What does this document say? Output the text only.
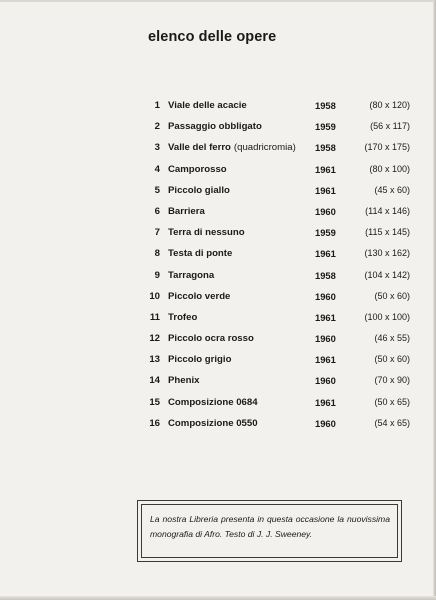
elenco delle opere
1 Viale delle acacie	1958	(80 x 120)
2 Passaggio obbligato	1959	(56 x 117)
3 Valle del ferro (quadricromia) 1958	(170 x 175)
4 Camporosso	1961	(80 x 100)
5 Piccolo giallo	1961	(45 x 60)
6 Barriera	1960	(114 x 146)
7 Terra di nessuno	1959	(115 x 145)
8 Testa di ponte	1961	(130 x 162)
9 Tarragona	1958	(104 x 142)
10 Piccolo verde	1960	(50 x 60)
11 Trofeo	1961	(100 x 100)
12 Piccolo ocra rosso	1960	(46 x 55)
13 Piccolo grigio	1961	(50 x 60)
14 Phenix	1960	(70 x 90)
15 Composizione 0684	1961	(50 x 65)
16 Composizione 0550	1960	(54 x 65)

La nostra Libreria presenta in questa occasione la nuovissima monografia di Afro. Testo di J. J. Sweeney.
